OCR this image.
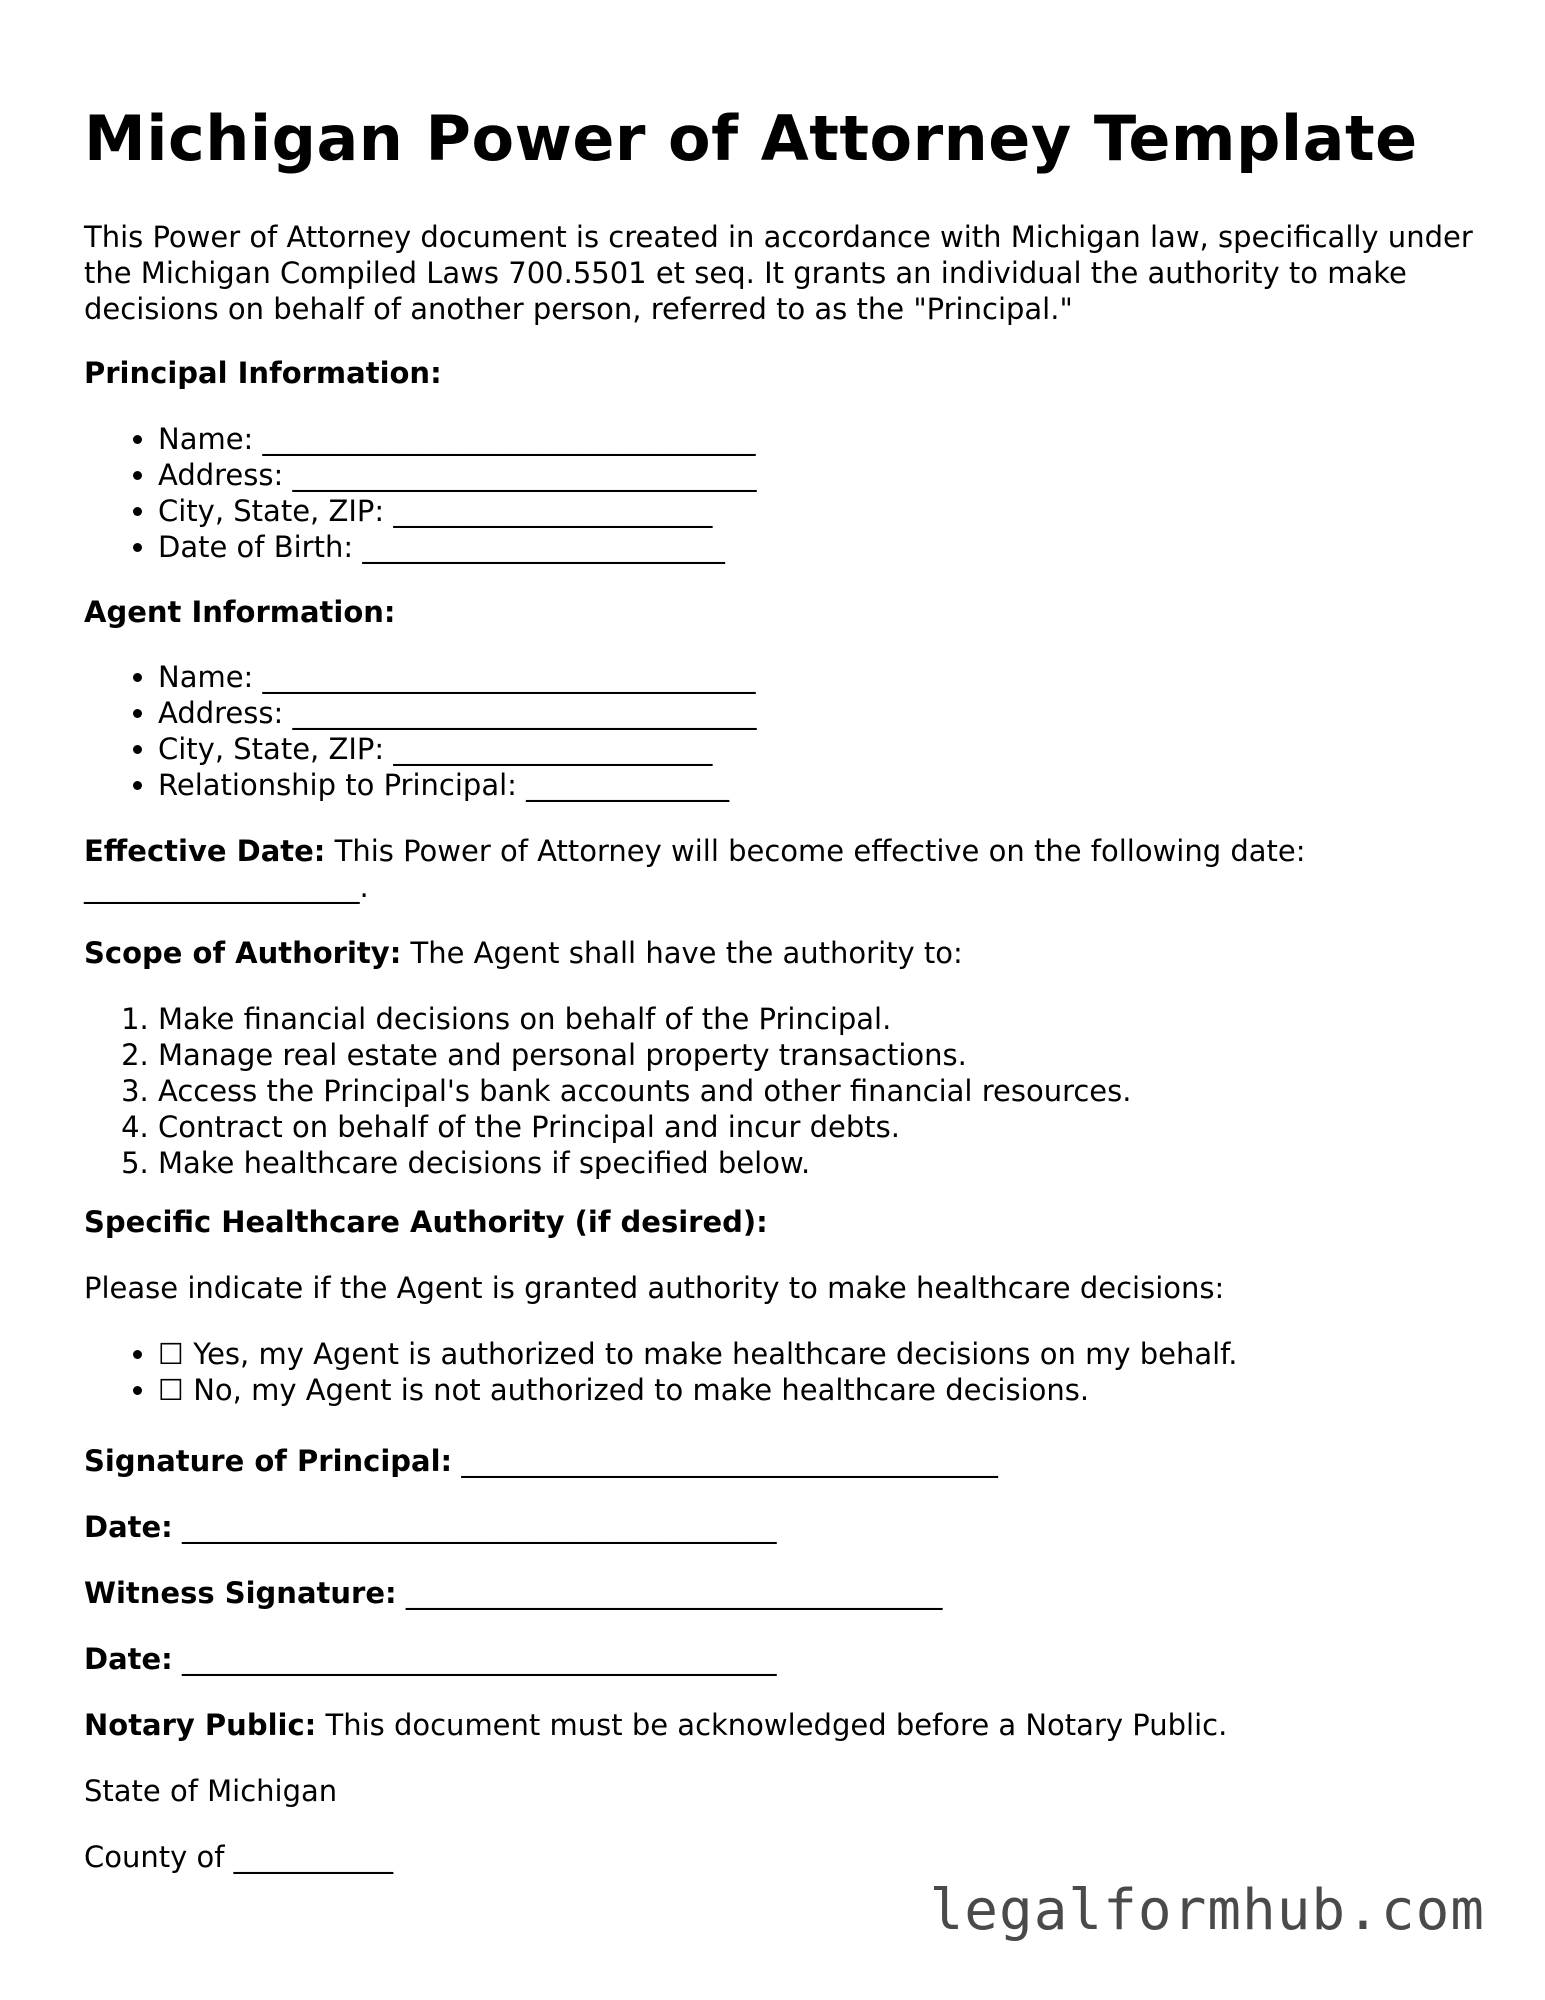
Michigan Power of Attorney Template

This Power of Attorney document is created in accordance with Michigan law, specifically under the Michigan Compiled Laws 700.5501 et seq. It grants an individual the authority to make decisions on behalf of another person, referred to as the "Principal."

Principal Information:

• Name: __________________________________
• Address: ________________________________
• City, State, ZIP: ______________________
• Date of Birth: _________________________

Agent Information:

• Name: __________________________________
• Address: ________________________________
• City, State, ZIP: ______________________
• Relationship to Principal: ______________

Effective Date: This Power of Attorney will become effective on the following date:

___________________.

Scope of Authority: The Agent shall have the authority to:

1. Make financial decisions on behalf of the Principal.
2. Manage real estate and personal property transactions.
3. Access the Principal's bank accounts and other financial resources.
4. Contract on behalf of the Principal and incur debts.
5. Make healthcare decisions if specified below.

Specific Healthcare Authority (if desired):

Please indicate if the Agent is granted authority to make healthcare decisions:

• ☐ Yes, my Agent is authorized to make healthcare decisions on my behalf.
• ☐ No, my Agent is not authorized to make healthcare decisions.

Signature of Principal: _____________________________________

Date: _________________________________________

Witness Signature: _____________________________________

Date: _________________________________________

Notary Public: This document must be acknowledged before a Notary Public.

State of Michigan

County of ___________

legalformhub.com
